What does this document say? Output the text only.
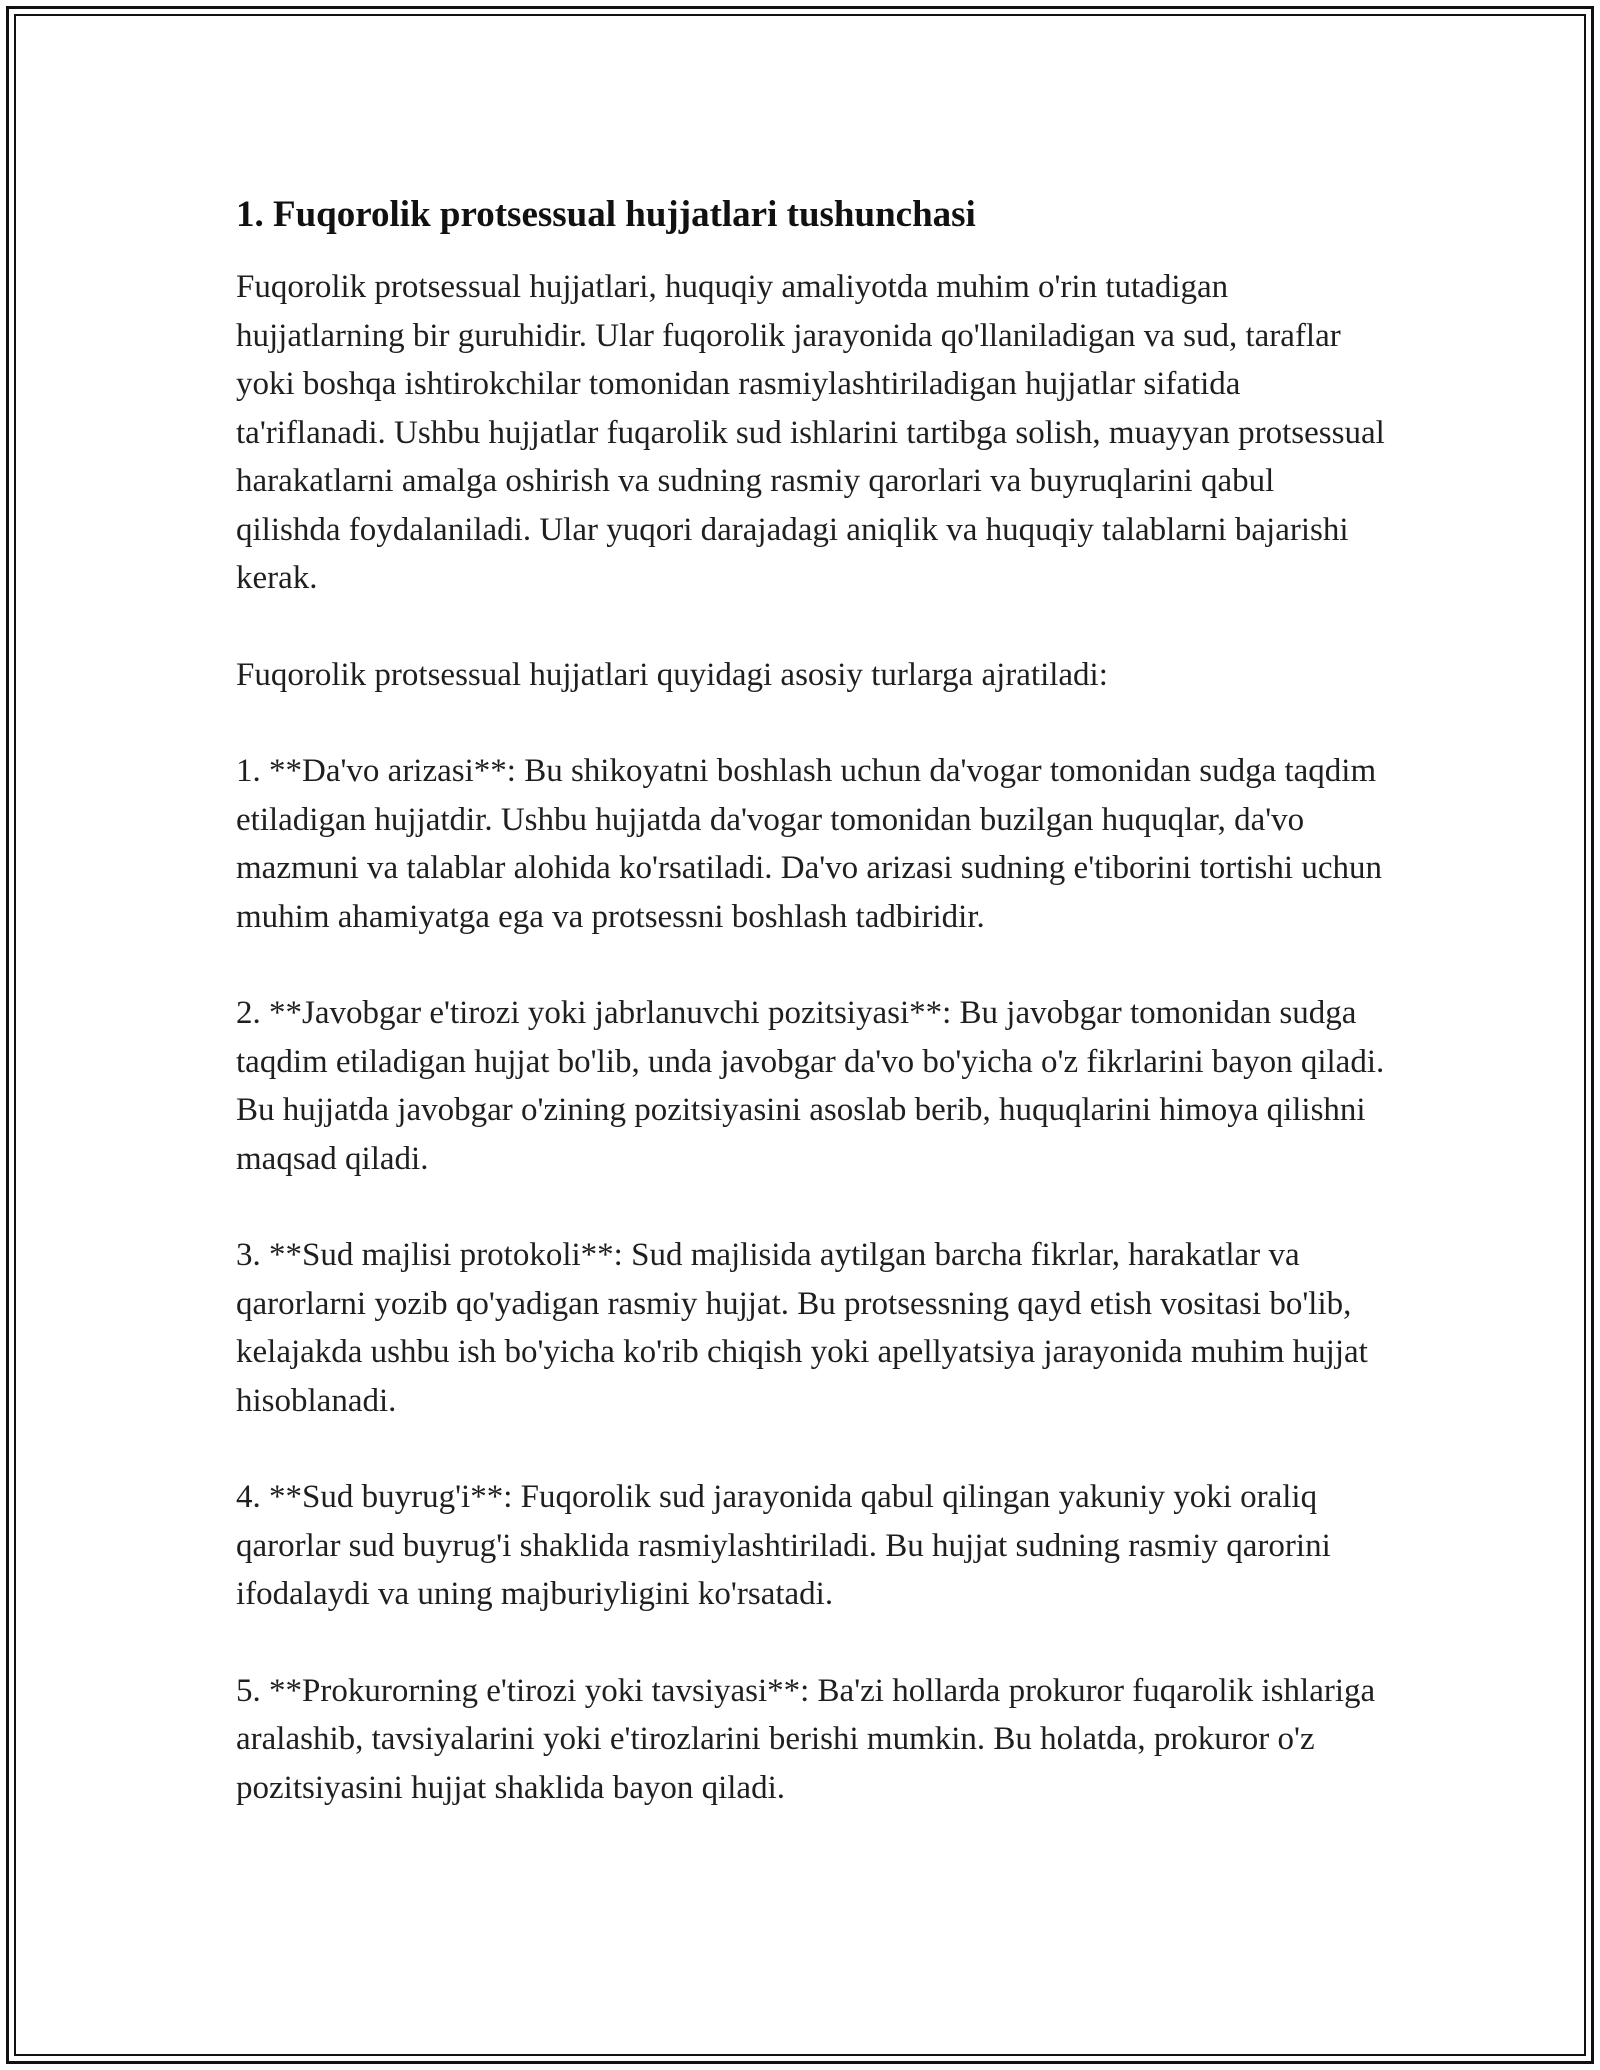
1. Fuqorolik protsessual hujjatlari tushunchasi

Fuqorolik protsessual hujjatlari, huquqiy amaliyotda muhim o'rin tutadigan hujjatlarning bir guruhidir. Ular fuqorolik jarayonida qo'llaniladigan va sud, taraflar yoki boshqa ishtirokchilar tomonidan rasmiylashtiriladigan hujjatlar sifatida ta'riflanadi. Ushbu hujjatlar fuqarolik sud ishlarini tartibga solish, muayyan protsessual harakatlarni amalga oshirish va sudning rasmiy qarorlari va buyruqlarini qabul qilishda foydalaniladi. Ular yuqori darajadagi aniqlik va huquqiy talablarni bajarishi kerak.

Fuqorolik protsessual hujjatlari quyidagi asosiy turlarga ajratiladi:

1. **Da'vo arizasi**: Bu shikoyatni boshlash uchun da'vogar tomonidan sudga taqdim etiladigan hujjatdir. Ushbu hujjatda da'vogar tomonidan buzilgan huquqlar, da'vo mazmuni va talablar alohida ko'rsatiladi. Da'vo arizasi sudning e'tiborini tortishi uchun muhim ahamiyatga ega va protsessni boshlash tadbiridir.

2. **Javobgar e'tirozi yoki jabrlanuvchi pozitsiyasi**: Bu javobgar tomonidan sudga taqdim etiladigan hujjat bo'lib, unda javobgar da'vo bo'yicha o'z fikrlarini bayon qiladi. Bu hujjatda javobgar o'zining pozitsiyasini asoslab berib, huquqlarini himoya qilishni maqsad qiladi.

3. **Sud majlisi protokoli**: Sud majlisida aytilgan barcha fikrlar, harakatlar va qarorlarni yozib qo'yadigan rasmiy hujjat. Bu protsessning qayd etish vositasi bo'lib, kelajakda ushbu ish bo'yicha ko'rib chiqish yoki apellyatsiya jarayonida muhim hujjat hisoblanadi.

4. **Sud buyrug'i**: Fuqorolik sud jarayonida qabul qilingan yakuniy yoki oraliq qarorlar sud buyrug'i shaklida rasmiylashtiriladi. Bu hujjat sudning rasmiy qarorini ifodalaydi va uning majburiyligini ko'rsatadi.

5. **Prokurorning e'tirozi yoki tavsiyasi**: Ba'zi hollarda prokuror fuqarolik ishlariga aralashib, tavsiyalarini yoki e'tirozlarini berishi mumkin. Bu holatda, prokuror o'z pozitsiyasini hujjat shaklida bayon qiladi.
